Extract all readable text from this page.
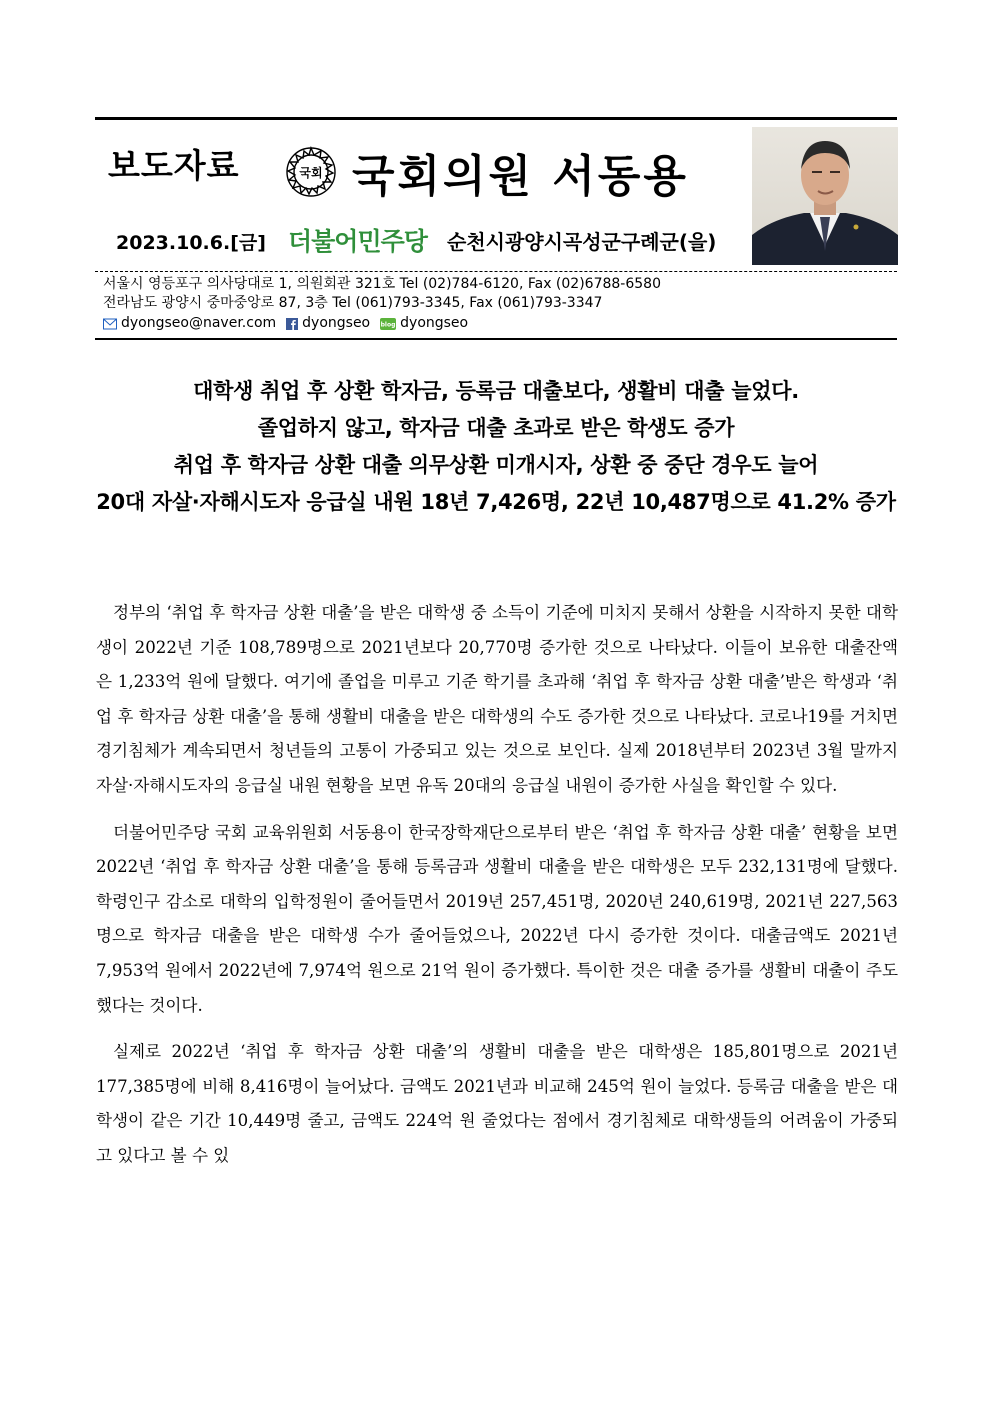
보도자료	국회 국회의원 서동용
2023.10.6.[금] 더불어민주당 순천시광양시곡성군구례군(을)
서울시 영등포구 의사당대로 1, 의원회관 321호 Tel (02)784-6120, Fax (02)6788-6580
전라남도 광양시 중마중앙로 87, 3층 Tel (061)793-3345, Fax (061)793-3347
dyongseo@naver.com dyongseo blog dyongseo
대학생 취업 후 상환 학자금, 등록금 대출보다, 생활비 대출 늘었다.
졸업하지 않고, 학자금 대출 초과로 받은 학생도 증가
취업 후 학자금 상환 대출 의무상환 미개시자, 상환 중 중단 경우도 늘어
20대 자살·자해시도자 응급실 내원 18년 7,426명, 22년 10,487명으로 41.2% 증가

정부의 ‘취업 후 학자금 상환 대출’을 받은 대학생 중 소득이 기준에 미치지 못해서 상환을 시작하지 못한 대학생이 2022년 기준 108,789명으로 2021년보다 20,770명 증가한 것으로 나타났다. 이들이 보유한 대출잔액은 1,233억 원에 달했다. 여기에 졸업을 미루고 기준 학기를 초과해 ‘취업 후 학자금 상환 대출’받은 학생과 ‘취업 후 학자금 상환 대출’을 통해 생활비 대출을 받은 대학생의 수도 증가한 것으로 나타났다. 코로나19를 거치면 경기침체가 계속되면서 청년들의 고통이 가중되고 있는 것으로 보인다. 실제 2018년부터 2023년 3월 말까지 자살·자해시도자의 응급실 내원 현황을 보면 유독 20대의 응급실 내원이 증가한 사실을 확인할 수 있다.

더불어민주당 국회 교육위원회 서동용이 한국장학재단으로부터 받은 ‘취업 후 학자금 상환 대출’ 현황을 보면 2022년 ‘취업 후 학자금 상환 대출’을 통해 등록금과 생활비 대출을 받은 대학생은 모두 232,131명에 달했다. 학령인구 감소로 대학의 입학정원이 줄어들면서 2019년 257,451명, 2020년 240,619명, 2021년 227,563명으로 학자금 대출을 받은 대학생 수가 줄어들었으나, 2022년 다시 증가한 것이다. 대출금액도 2021년 7,953억 원에서 2022년에 7,974억 원으로 21억 원이 증가했다. 특이한 것은 대출 증가를 생활비 대출이 주도했다는 것이다.

실제로 2022년 ‘취업 후 학자금 상환 대출’의 생활비 대출을 받은 대학생은 185,801명으로 2021년 177,385명에 비해 8,416명이 늘어났다. 금액도 2021년과 비교해 245억 원이 늘었다. 등록금 대출을 받은 대학생이 같은 기간 10,449명 줄고, 금액도 224억 원 줄었다는 점에서 경기침체로 대학생들의 어려움이 가중되고 있다고 볼 수 있
